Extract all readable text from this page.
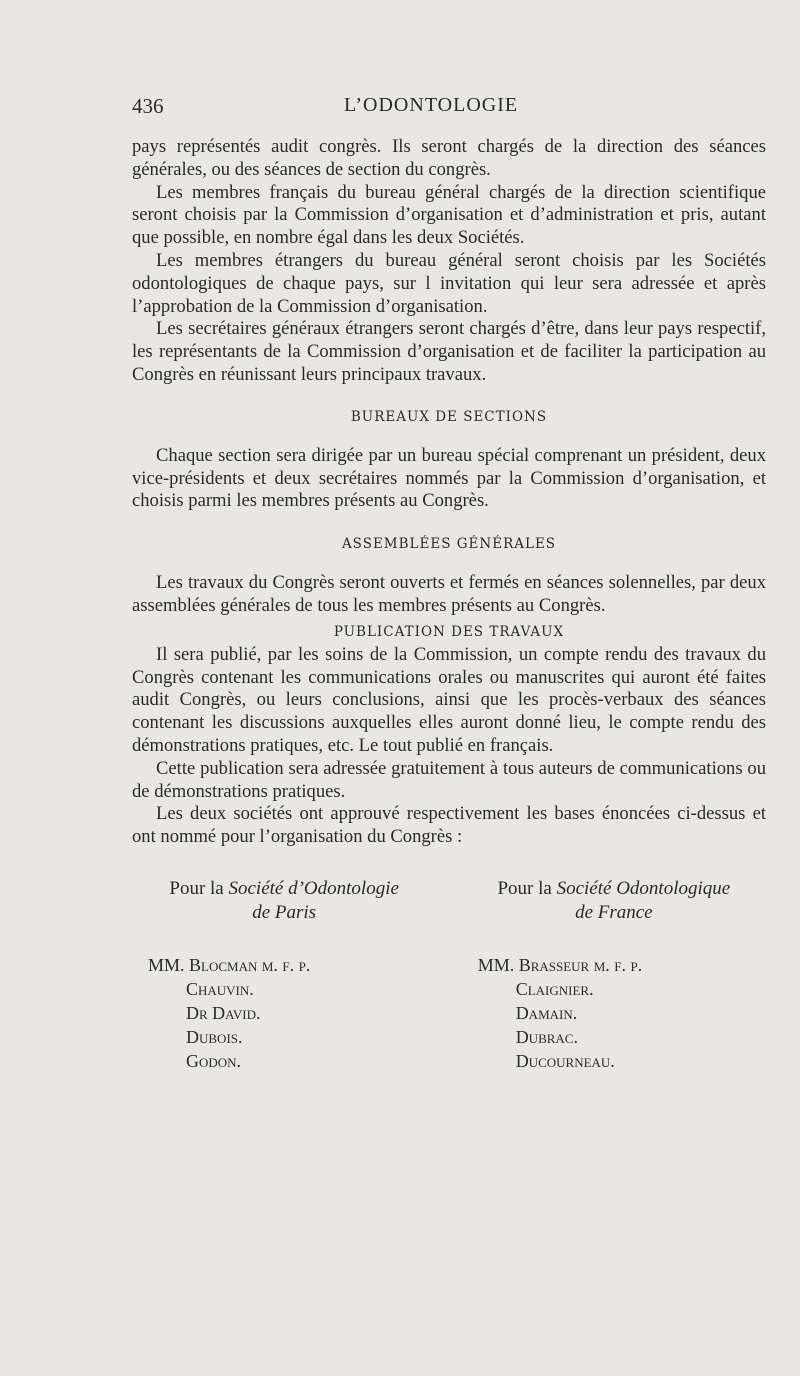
436	L’ODONTOLOGIE

pays représentés audit congrès. Ils seront chargés de la direction des séances générales, ou des séances de section du congrès.

Les membres français du bureau général chargés de la direction scientifique seront choisis par la Commission d’organisation et d’administration et pris, autant que possible, en nombre égal dans les deux Sociétés.

Les membres étrangers du bureau général seront choisis par les Sociétés odontologiques de chaque pays, sur l invitation qui leur sera adressée et après l’approbation de la Commission d’organisation.

Les secrétaires généraux étrangers seront chargés d’être, dans leur pays respectif, les représentants de la Commission d’organisation et de faciliter la participation au Congrès en réunissant leurs principaux travaux.

BUREAUX DE SECTIONS

Chaque section sera dirigée par un bureau spécial comprenant un président, deux vice-présidents et deux secrétaires nommés par la Commission d’organisation, et choisis parmi les membres présents au Congrès.

ASSEMBLÉES GÉNÉRALES

Les travaux du Congrès seront ouverts et fermés en séances solennelles, par deux assemblées générales de tous les membres présents au Congrès.

PUBLICATION DES TRAVAUX

Il sera publié, par les soins de la Commission, un compte rendu des travaux du Congrès contenant les communications orales ou manuscrites qui auront été faites audit Congrès, ou leurs conclusions, ainsi que les procès-verbaux des séances contenant les discussions auxquelles elles auront donné lieu, le compte rendu des démonstrations pratiques, etc. Le tout publié en français.

Cette publication sera adressée gratuitement à tous auteurs de communications ou de démonstrations pratiques.

Les deux sociétés ont approuvé respectivement les bases énoncées ci-dessus et ont nommé pour l’organisation du Congrès :

Pour la Société d’Odontologie
de Paris
MM. Blocman m. f. p.
Chauvin.
Dr David.
Dubois.
Godon.
Pour la Société Odontologique
de France
MM. Brasseur m. f. p.
Claignier.
Damain.
Dubrac.
Ducourneau.
